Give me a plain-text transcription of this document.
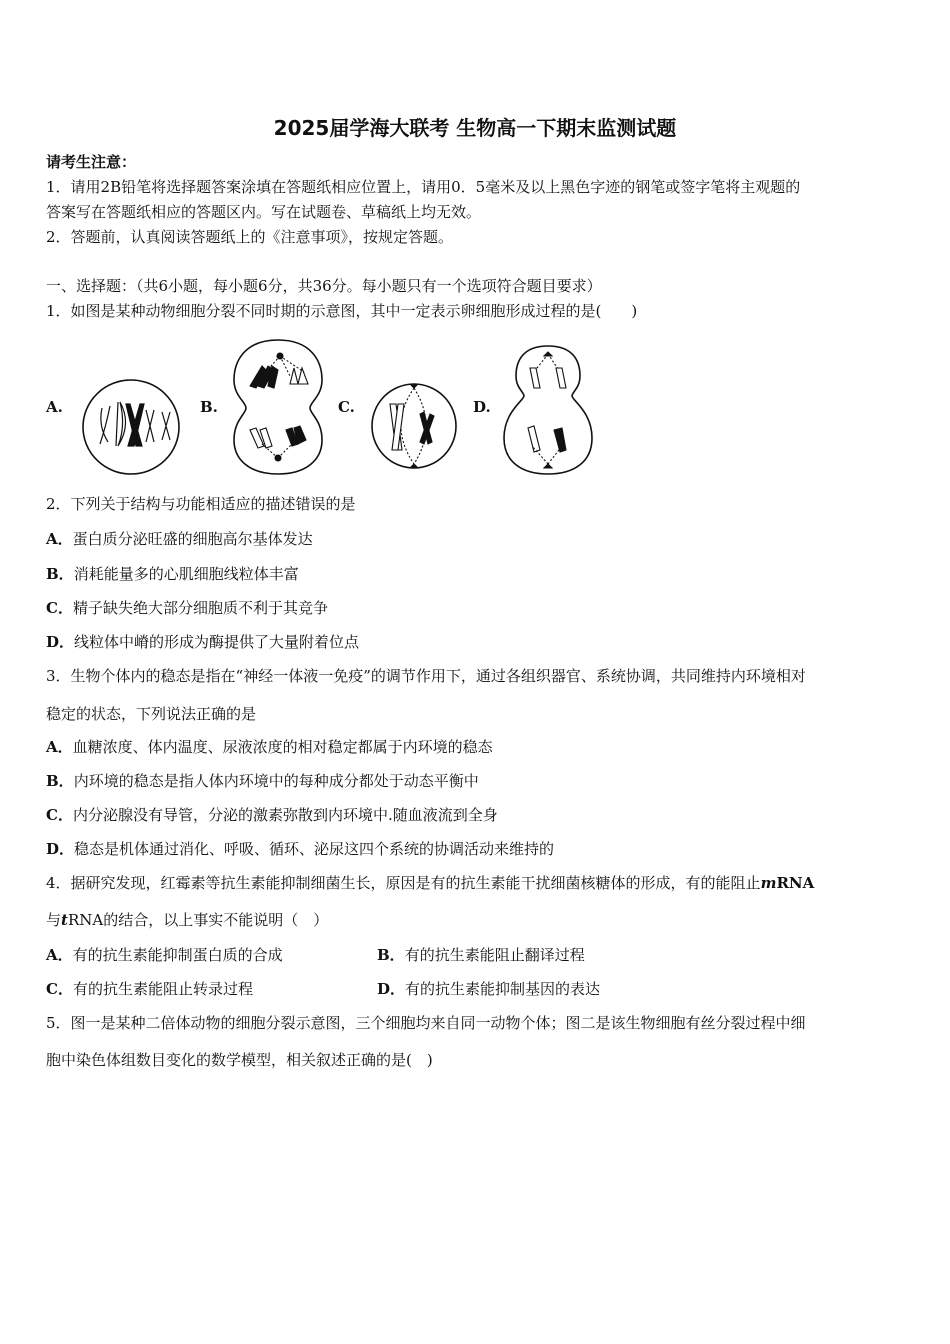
2025届学海大联考 生物高一下期末监测试题
请考生注意：
1．请用2B铅笔将选择题答案涂填在答题纸相应位置上，请用0．5毫米及以上黑色字迹的钢笔或签字笔将主观题的
答案写在答题纸相应的答题区内。写在试题卷、草稿纸上均无效。
2．答题前，认真阅读答题纸上的《注意事项》，按规定答题。
一、选择题：（共6小题，每小题6分，共36分。每小题只有一个选项符合题目要求）
1．如图是某种动物细胞分裂不同时期的示意图，其中一定表示卵细胞形成过程的是(　　)
A.	B.	C.	D.
2．下列关于结构与功能相适应的描述错误的是
A．蛋白质分泌旺盛的细胞高尔基体发达
B．消耗能量多的心肌细胞线粒体丰富
C．精子缺失绝大部分细胞质不利于其竞争
D．线粒体中嵴的形成为酶提供了大量附着位点
3．生物个体内的稳态是指在“神经一体液一免疫”的调节作用下，通过各组织器官、系统协调，共同维持内环境相对
稳定的状态，下列说法正确的是
A．血糖浓度、体内温度、尿液浓度的相对稳定都属于内环境的稳态
B．内环境的稳态是指人体内环境中的每种成分都处于动态平衡中
C．内分泌腺没有导管，分泌的激素弥散到内环境中.随血液流到全身
D．稳态是机体通过消化、呼吸、循环、泌尿这四个系统的协调活动来维持的
4．据研究发现，红霉素等抗生素能抑制细菌生长，原因是有的抗生素能干扰细菌核糖体的形成，有的能阻止mRNA
与tRNA的结合，以上事实不能说明（　）
A．有的抗生素能抑制蛋白质的合成	B．有的抗生素能阻止翻译过程
C．有的抗生素能阻止转录过程	D．有的抗生素能抑制基因的表达
5．图一是某种二倍体动物的细胞分裂示意图，三个细胞均来自同一动物个体；图二是该生物细胞有丝分裂过程中细
胞中染色体组数目变化的数学模型，相关叙述正确的是(　)
